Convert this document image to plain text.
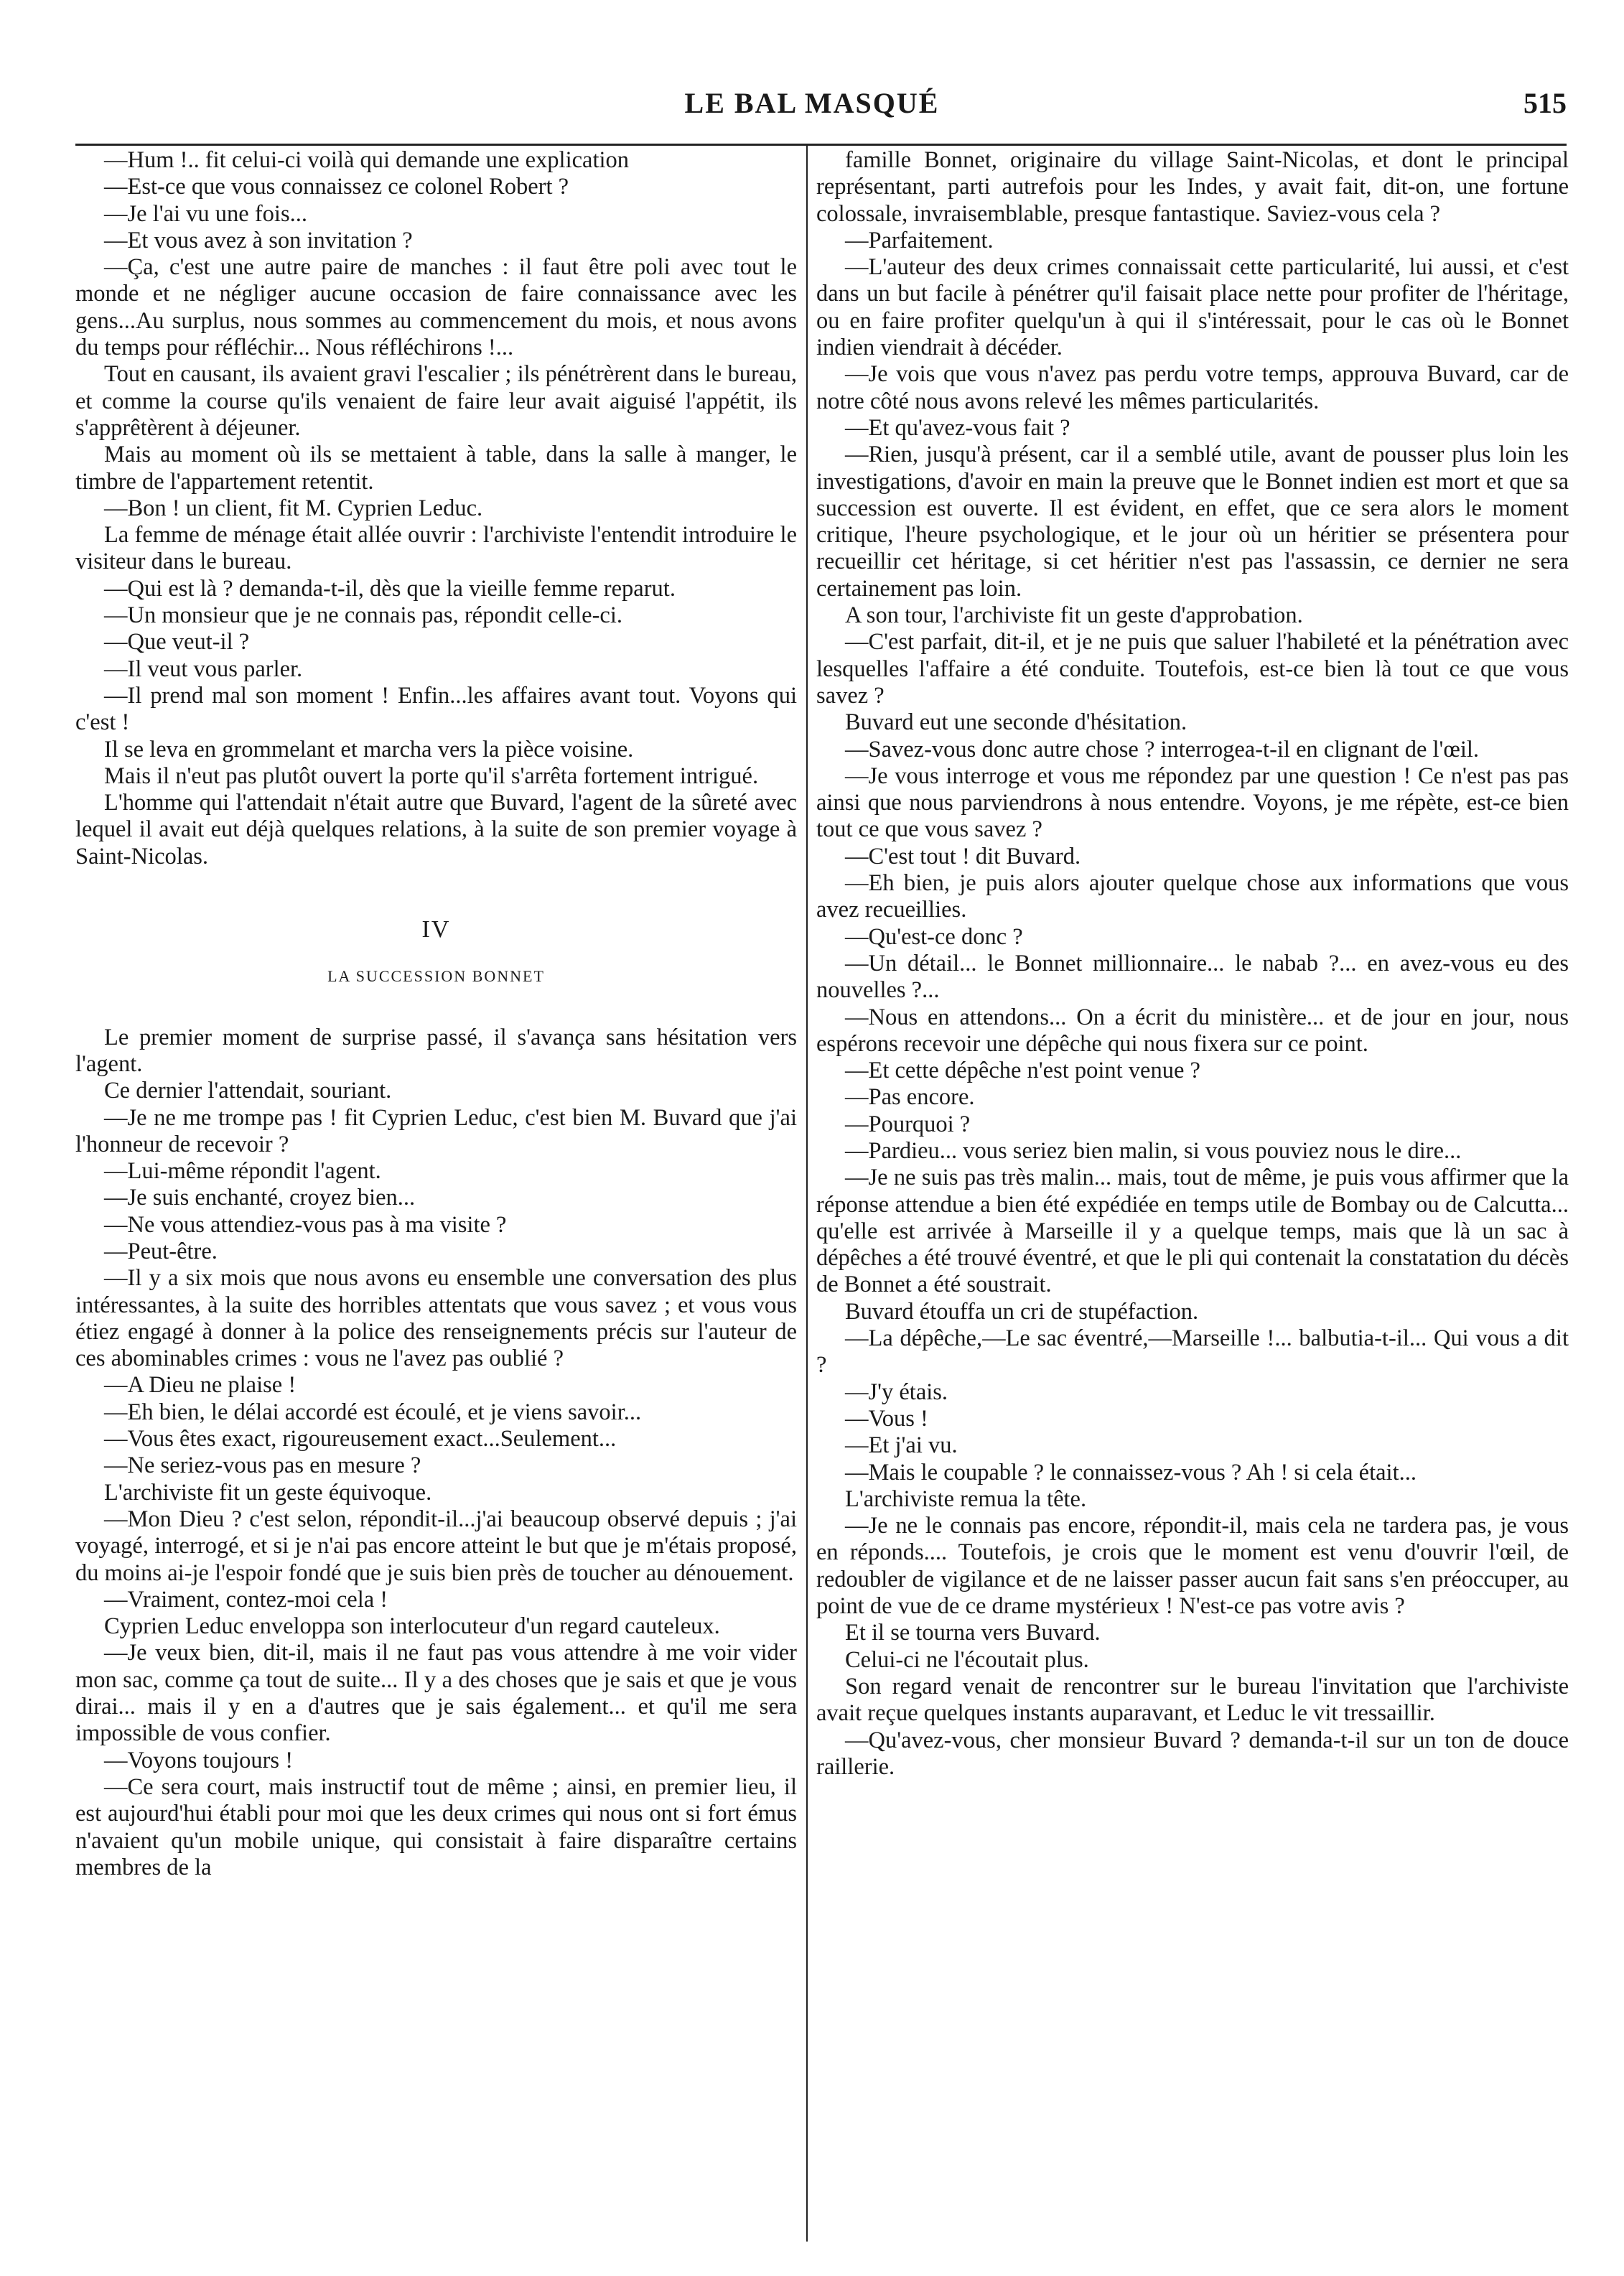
LE BAL MASQUÉ	515

—Hum !.. fit celui-ci voilà qui demande une explication

—Est-ce que vous connaissez ce colonel Robert ?

—Je l'ai vu une fois...

—Et vous avez à son invitation ?

—Ça, c'est une autre paire de manches : il faut être poli avec tout le monde et ne négliger aucune occasion de faire connaissance avec les gens...Au surplus, nous sommes au commencement du mois, et nous avons du temps pour réfléchir... Nous réfléchirons !...

Tout en causant, ils avaient gravi l'escalier ; ils pénétrèrent dans le bureau, et comme la course qu'ils venaient de faire leur avait aiguisé l'appétit, ils s'apprêtèrent à déjeuner.

Mais au moment où ils se mettaient à table, dans la salle à manger, le timbre de l'appartement retentit.

—Bon ! un client, fit M. Cyprien Leduc.

La femme de ménage était allée ouvrir : l'archiviste l'entendit introduire le visiteur dans le bureau.

—Qui est là ? demanda-t-il, dès que la vieille femme reparut.

—Un monsieur que je ne connais pas, répondit celle-ci.

—Que veut-il ?

—Il veut vous parler.

—Il prend mal son moment ! Enfin...les affaires avant tout. Voyons qui c'est !

Il se leva en grommelant et marcha vers la pièce voisine.

Mais il n'eut pas plutôt ouvert la porte qu'il s'arrêta fortement intrigué.

L'homme qui l'attendait n'était autre que Buvard, l'agent de la sûreté avec lequel il avait eut déjà quelques relations, à la suite de son premier voyage à Saint-Nicolas.

IV
LA SUCCESSION BONNET

Le premier moment de surprise passé, il s'avança sans hésitation vers l'agent.

Ce dernier l'attendait, souriant.

—Je ne me trompe pas ! fit Cyprien Leduc, c'est bien M. Buvard que j'ai l'honneur de recevoir ?

—Lui-même répondit l'agent.

—Je suis enchanté, croyez bien...

—Ne vous attendiez-vous pas à ma visite ?

—Peut-être.

—Il y a six mois que nous avons eu ensemble une conversation des plus intéressantes, à la suite des horribles attentats que vous savez ; et vous vous étiez engagé à donner à la police des renseignements précis sur l'auteur de ces abominables crimes : vous ne l'avez pas oublié ?

—A Dieu ne plaise !

—Eh bien, le délai accordé est écoulé, et je viens savoir...

—Vous êtes exact, rigoureusement exact...Seulement...

—Ne seriez-vous pas en mesure ?

L'archiviste fit un geste équivoque.

—Mon Dieu ? c'est selon, répondit-il...j'ai beaucoup observé depuis ; j'ai voyagé, interrogé, et si je n'ai pas encore atteint le but que je m'étais proposé, du moins ai-je l'espoir fondé que je suis bien près de toucher au dénouement.

—Vraiment, contez-moi cela !

Cyprien Leduc enveloppa son interlocuteur d'un regard cauteleux.

—Je veux bien, dit-il, mais il ne faut pas vous attendre à me voir vider mon sac, comme ça tout de suite... Il y a des choses que je sais et que je vous dirai... mais il y en a d'autres que je sais également... et qu'il me sera impossible de vous confier.

—Voyons toujours !

—Ce sera court, mais instructif tout de même ; ainsi, en premier lieu, il est aujourd'hui établi pour moi que les deux crimes qui nous ont si fort émus n'avaient qu'un mobile unique, qui consistait à faire disparaître certains membres de la

famille Bonnet, originaire du village Saint-Nicolas, et dont le principal représentant, parti autrefois pour les Indes, y avait fait, dit-on, une fortune colossale, invraisemblable, presque fantastique. Saviez-vous cela ?

—Parfaitement.

—L'auteur des deux crimes connaissait cette particularité, lui aussi, et c'est dans un but facile à pénétrer qu'il faisait place nette pour profiter de l'héritage, ou en faire profiter quelqu'un à qui il s'intéressait, pour le cas où le Bonnet indien viendrait à décéder.

—Je vois que vous n'avez pas perdu votre temps, approuva Buvard, car de notre côté nous avons relevé les mêmes particularités.

—Et qu'avez-vous fait ?

—Rien, jusqu'à présent, car il a semblé utile, avant de pousser plus loin les investigations, d'avoir en main la preuve que le Bonnet indien est mort et que sa succession est ouverte. Il est évident, en effet, que ce sera alors le moment critique, l'heure psychologique, et le jour où un héritier se présentera pour recueillir cet héritage, si cet héritier n'est pas l'assassin, ce dernier ne sera certainement pas loin.

A son tour, l'archiviste fit un geste d'approbation.

—C'est parfait, dit-il, et je ne puis que saluer l'habileté et la pénétration avec lesquelles l'affaire a été conduite. Toutefois, est-ce bien là tout ce que vous savez ?

Buvard eut une seconde d'hésitation.

—Savez-vous donc autre chose ? interrogea-t-il en clignant de l'œil.

—Je vous interroge et vous me répondez par une question ! Ce n'est pas pas ainsi que nous parviendrons à nous entendre. Voyons, je me répète, est-ce bien tout ce que vous savez ?

—C'est tout ! dit Buvard.

—Eh bien, je puis alors ajouter quelque chose aux informations que vous avez recueillies.

—Qu'est-ce donc ?

—Un détail... le Bonnet millionnaire... le nabab ?... en avez-vous eu des nouvelles ?...

—Nous en attendons... On a écrit du ministère... et de jour en jour, nous espérons recevoir une dépêche qui nous fixera sur ce point.

—Et cette dépêche n'est point venue ?

—Pas encore.

—Pourquoi ?

—Pardieu... vous seriez bien malin, si vous pouviez nous le dire...

—Je ne suis pas très malin... mais, tout de même, je puis vous affirmer que la réponse attendue a bien été expédiée en temps utile de Bombay ou de Calcutta... qu'elle est arrivée à Marseille il y a quelque temps, mais que là un sac à dépêches a été trouvé éventré, et que le pli qui contenait la constatation du décès de Bonnet a été soustrait.

Buvard étouffa un cri de stupéfaction.

—La dépêche,—Le sac éventré,—Marseille !... balbutia-t-il... Qui vous a dit ?

—J'y étais.

—Vous !

—Et j'ai vu.

—Mais le coupable ? le connaissez-vous ? Ah ! si cela était...

L'archiviste remua la tête.

—Je ne le connais pas encore, répondit-il, mais cela ne tardera pas, je vous en réponds.... Toutefois, je crois que le moment est venu d'ouvrir l'œil, de redoubler de vigilance et de ne laisser passer aucun fait sans s'en préoccuper, au point de vue de ce drame mystérieux ! N'est-ce pas votre avis ?

Et il se tourna vers Buvard.

Celui-ci ne l'écoutait plus.

Son regard venait de rencontrer sur le bureau l'invitation que l'archiviste avait reçue quelques instants auparavant, et Leduc le vit tressaillir.

—Qu'avez-vous, cher monsieur Buvard ? demanda-t-il sur un ton de douce raillerie.
